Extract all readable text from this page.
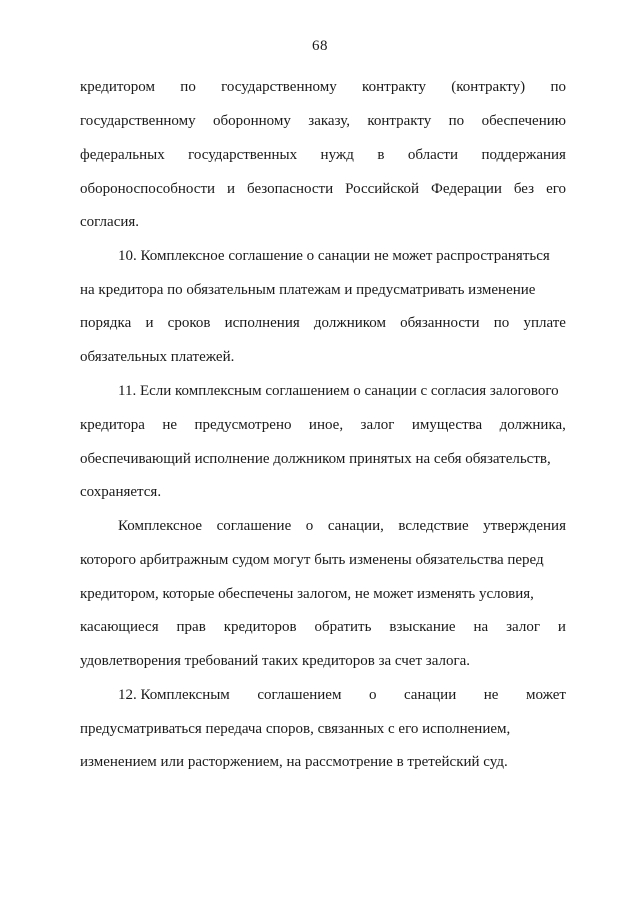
68
кредитором по государственному контракту (контракту) по
государственному оборонному заказу, контракту по обеспечению
федеральных государственных нужд в области поддержания
обороноспособности и безопасности Российской Федерации без его
согласия.
10. Комплексное соглашение о санации не может распространяться
на кредитора по обязательным платежам и предусматривать изменение
порядка и сроков исполнения должником обязанности по уплате
обязательных платежей.
11. Если комплексным соглашением о санации с согласия залогового
кредитора не предусмотрено иное, залог имущества должника,
обеспечивающий исполнение должником принятых на себя обязательств,
сохраняется.
Комплексное соглашение о санации, вследствие утверждения
которого арбитражным судом могут быть изменены обязательства перед
кредитором, которые обеспечены залогом, не может изменять условия,
касающиеся прав кредиторов обратить взыскание на залог и
удовлетворения требований таких кредиторов за счет залога.
12. Комплексным соглашением о санации не может
предусматриваться передача споров, связанных с его исполнением,
изменением или расторжением, на рассмотрение в третейский суд.
